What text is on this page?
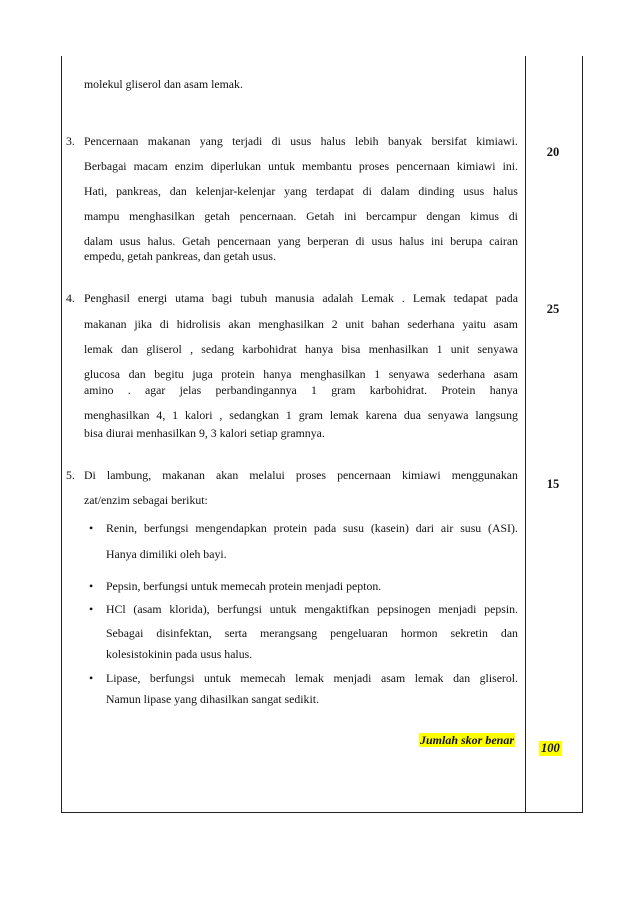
molekul gliserol dan asam lemak.
3. Pencernaan makanan yang terjadi di usus halus lebih banyak bersifat kimiawi.
Berbagai macam enzim diperlukan untuk membantu proses pencernaan kimiawi ini.
Hati, pankreas, dan kelenjar-kelenjar yang terdapat di dalam dinding usus halus
mampu menghasilkan getah pencernaan. Getah ini bercampur dengan kimus di
dalam usus halus. Getah pencernaan yang berperan di usus halus ini berupa cairan
empedu, getah pankreas, dan getah usus.
4. Penghasil energi utama bagi tubuh manusia adalah Lemak . Lemak tedapat pada
makanan jika di hidrolisis akan menghasilkan 2 unit bahan sederhana yaitu asam
lemak dan gliserol , sedang karbohidrat hanya bisa menhasilkan 1 unit senyawa
glucosa dan begitu juga protein hanya menghasilkan 1 senyawa sederhana asam
amino . agar jelas perbandingannya 1 gram karbohidrat. Protein hanya
menghasilkan 4, 1 kalori , sedangkan 1 gram lemak karena dua senyawa langsung
bisa diurai menhasilkan 9, 3 kalori setiap gramnya.
5. Di lambung, makanan akan melalui proses pencernaan kimiawi menggunakan
zat/enzim sebagai berikut:
• Renin, berfungsi mengendapkan protein pada susu (kasein) dari air susu (ASI).
Hanya dimiliki oleh bayi.
• Pepsin, berfungsi untuk memecah protein menjadi pepton.
• HCl (asam klorida), berfungsi untuk mengaktifkan pepsinogen menjadi pepsin.
Sebagai disinfektan, serta merangsang pengeluaran hormon sekretin dan
kolesistokinin pada usus halus.
• Lipase, berfungsi untuk memecah lemak menjadi asam lemak dan gliserol.
Namun lipase yang dihasilkan sangat sedikit.
Jumlah skor benar
20
25
15
100
